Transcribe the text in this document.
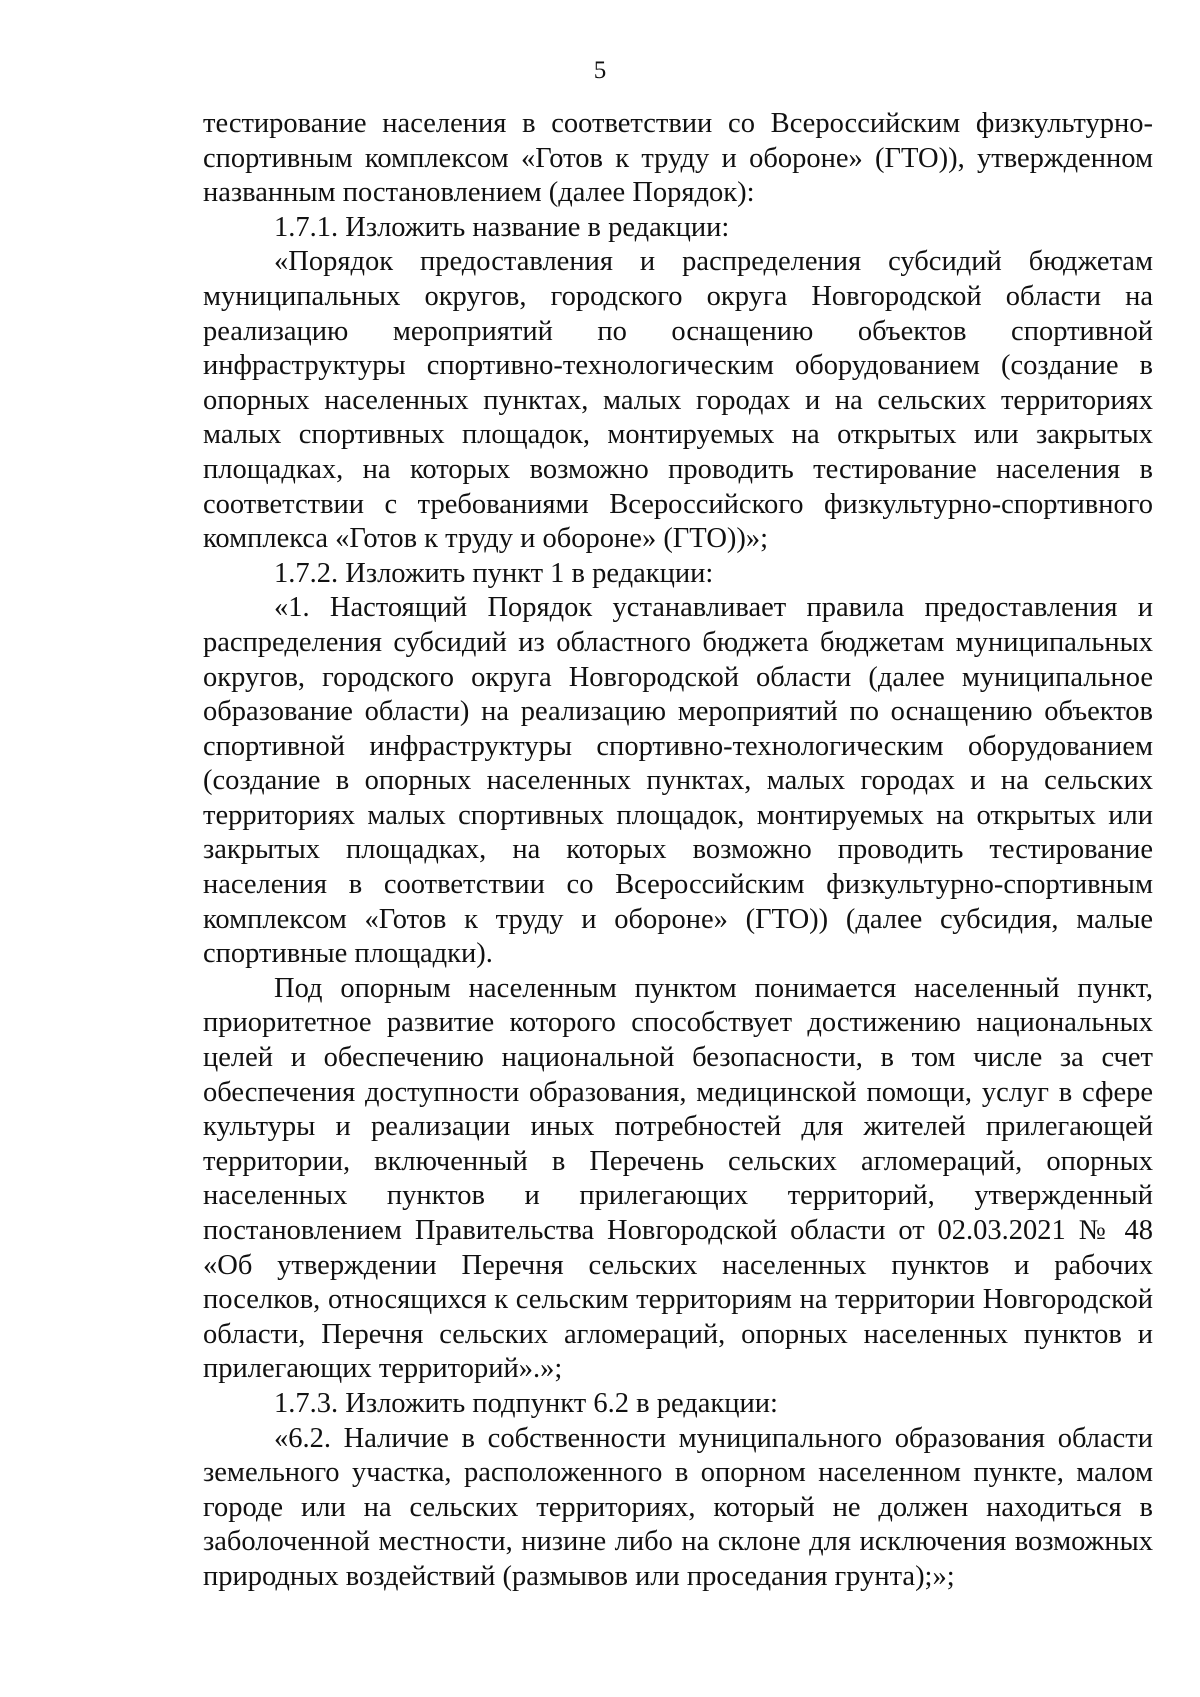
5

тестирование населения в соответствии со Всероссийским физкультурно-спортивным комплексом «Готов к труду и обороне» (ГТО)), утвержденном названным постановлением (далее Порядок):

1.7.1. Изложить название в редакции:

«Порядок предоставления и распределения субсидий бюджетам муниципальных округов, городского округа Новгородской области на реализацию мероприятий по оснащению объектов спортивной инфраструктуры спортивно-технологическим оборудованием (создание в опорных населенных пунктах, малых городах и на сельских территориях малых спортивных площадок, монтируемых на открытых или закрытых площадках, на которых возможно проводить тестирование населения в соответствии с требованиями Всероссийского физкультурно-спортивного комплекса «Готов к труду и обороне» (ГТО))»;

1.7.2. Изложить пункт 1 в редакции:

«1. Настоящий Порядок устанавливает правила предоставления и распределения субсидий из областного бюджета бюджетам муниципальных округов, городского округа Новгородской области (далее муниципальное образование области) на реализацию мероприятий по оснащению объектов спортивной инфраструктуры спортивно-технологическим оборудованием (создание в опорных населенных пунктах, малых городах и на сельских территориях малых спортивных площадок, монтируемых на открытых или закрытых площадках, на которых возможно проводить тестирование населения в соответствии со Всероссийским физкультурно-спортивным комплексом «Готов к труду и обороне» (ГТО)) (далее субсидия, малые спортивные площадки).

Под опорным населенным пунктом понимается населенный пункт, приоритетное развитие которого способствует достижению национальных целей и обеспечению национальной безопасности, в том числе за счет обеспечения доступности образования, медицинской помощи, услуг в сфере культуры и реализации иных потребностей для жителей прилегающей территории, включенный в Перечень сельских агломераций, опорных населенных пунктов и прилегающих территорий, утвержденный постановлением Правительства Новгородской области от 02.03.2021 № 48 «Об утверждении Перечня сельских населенных пунктов и рабочих поселков, относящихся к сельским территориям на территории Новгородской области, Перечня сельских агломераций, опорных населенных пунктов и прилегающих территорий».»;

1.7.3. Изложить подпункт 6.2 в редакции:

«6.2. Наличие в собственности муниципального образования области земельного участка, расположенного в опорном населенном пункте, малом городе или на сельских территориях, который не должен находиться в заболоченной местности, низине либо на склоне для исключения возможных природных воздействий (размывов или проседания грунта);»;
